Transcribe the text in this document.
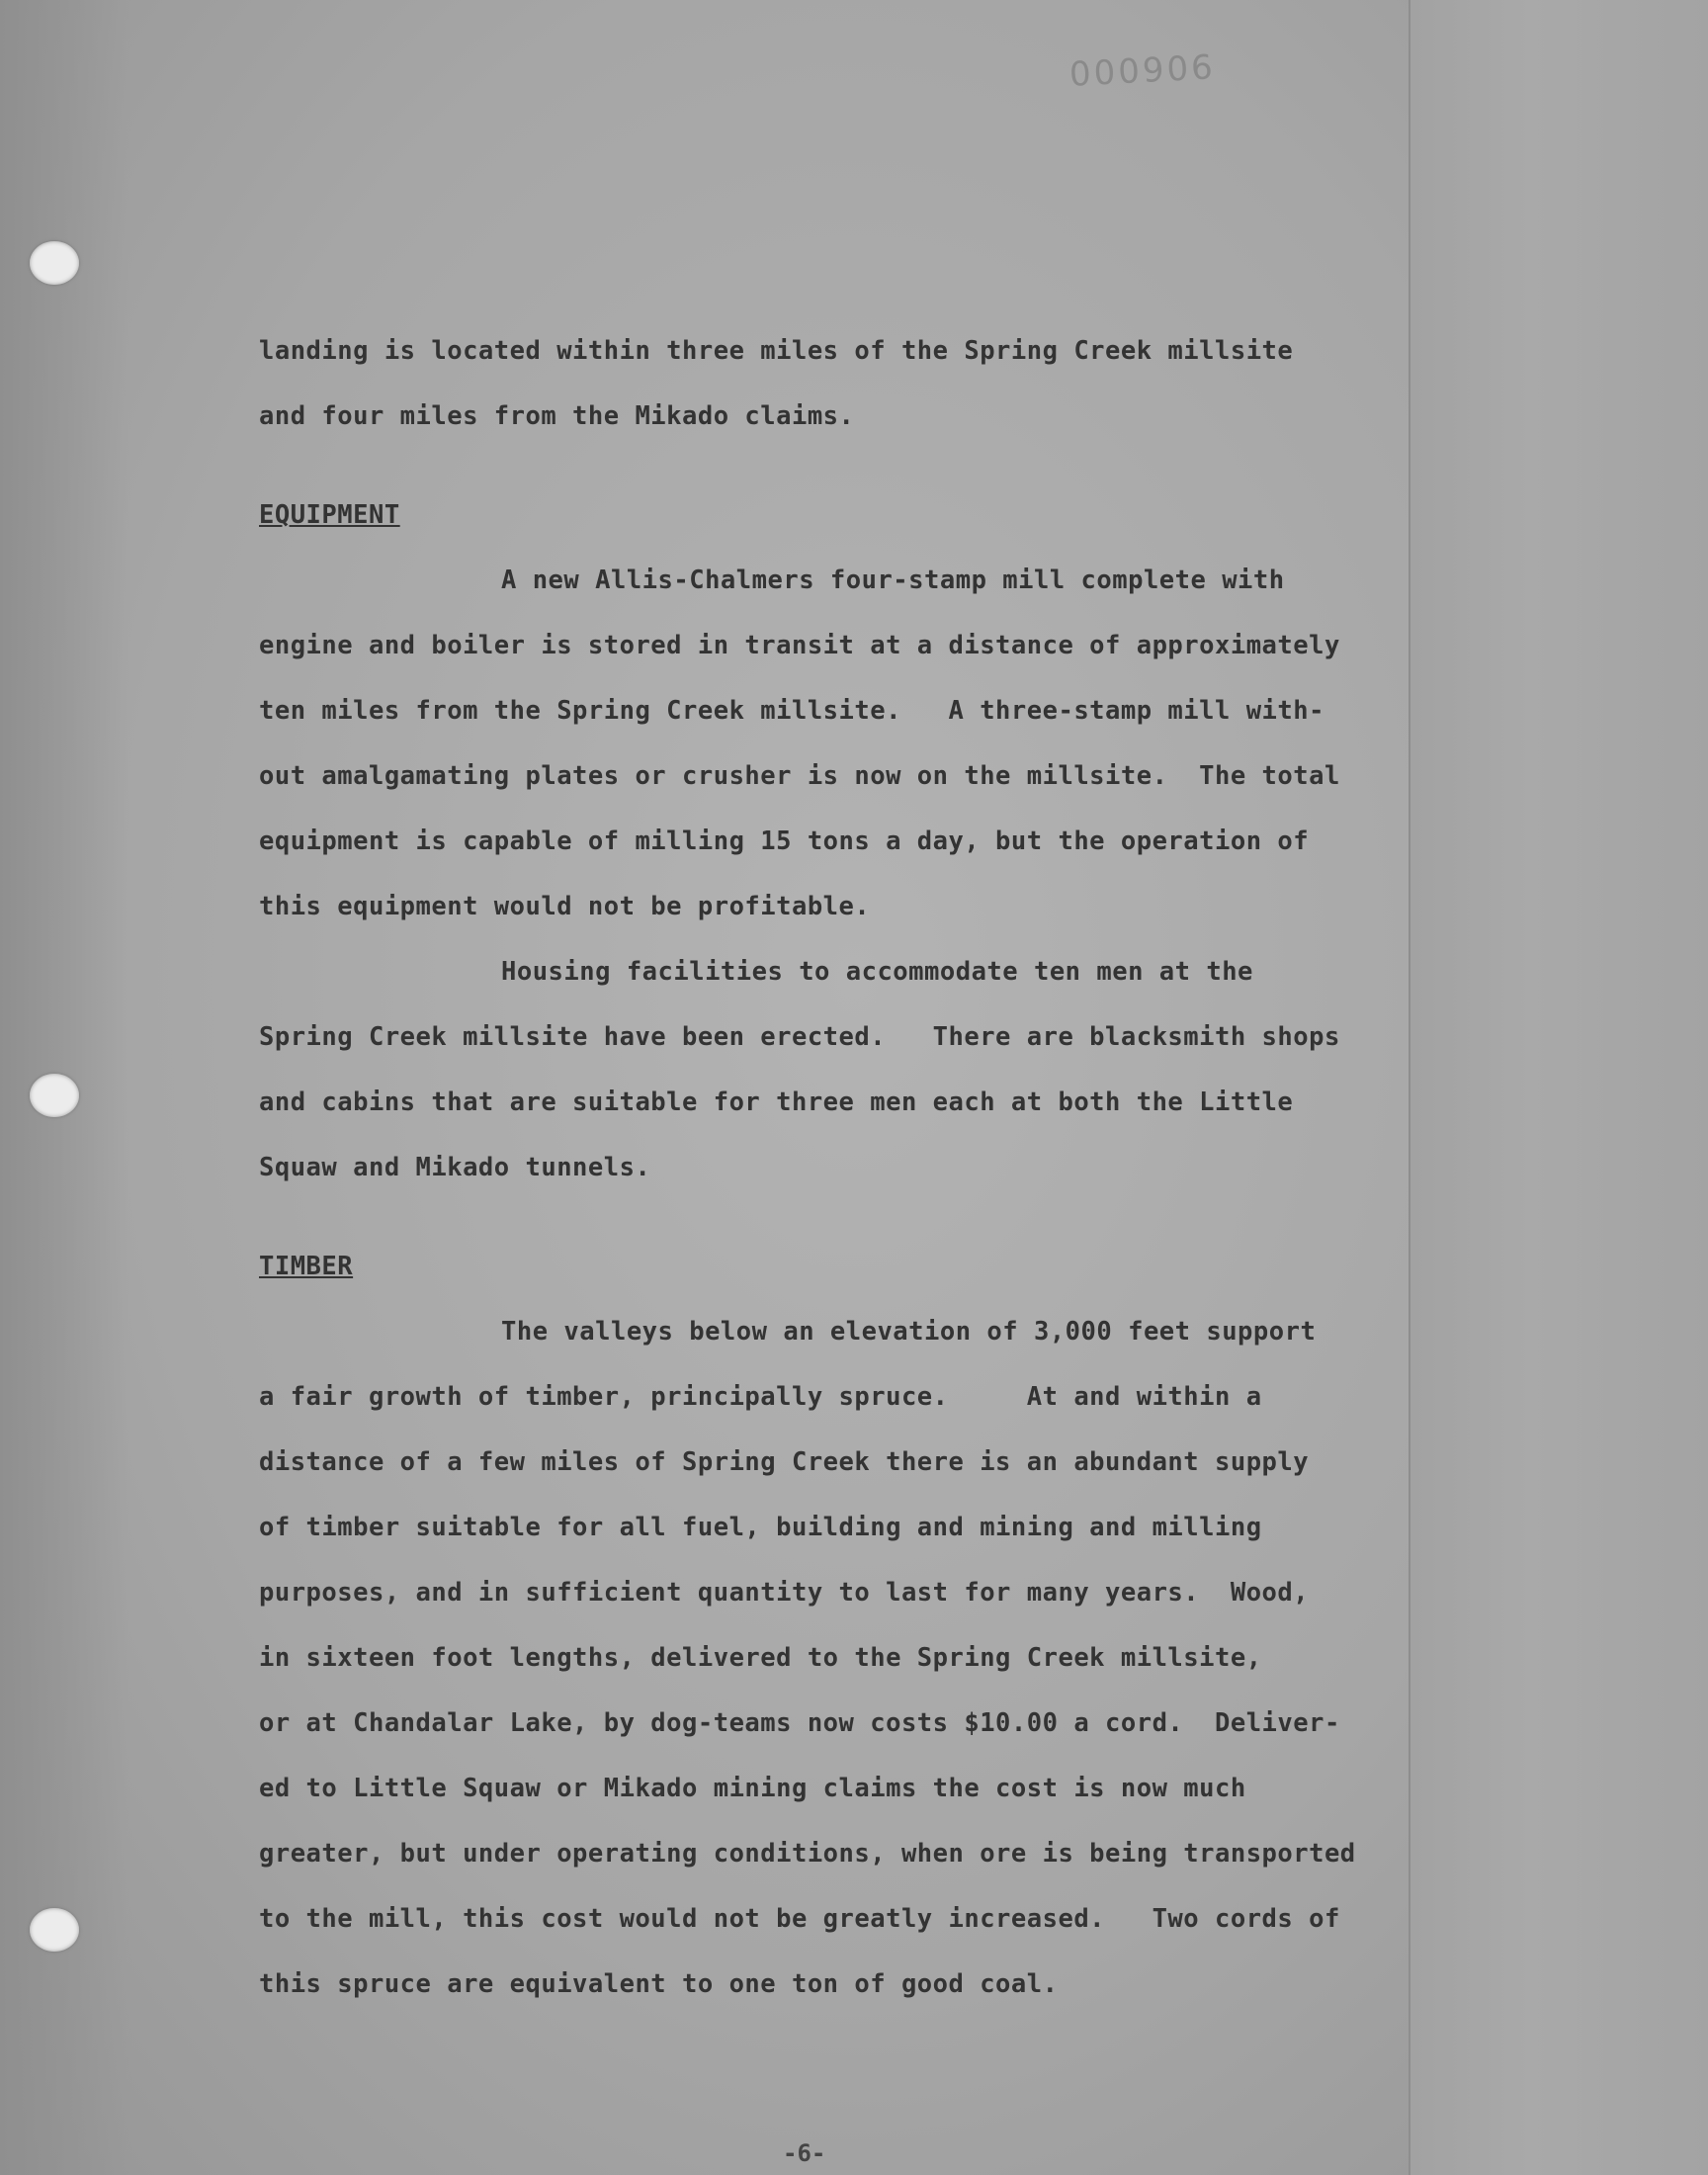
000906
landing is located within three miles of the Spring Creek millsite
and four miles from the Mikado claims.
EQUIPMENT
A new Allis-Chalmers four-stamp mill complete with
engine and boiler is stored in transit at a distance of approximately
ten miles from the Spring Creek millsite.   A three-stamp mill with-
out amalgamating plates or crusher is now on the millsite.  The total
equipment is capable of milling 15 tons a day, but the operation of
this equipment would not be profitable.
Housing facilities to accommodate ten men at the
Spring Creek millsite have been erected.   There are blacksmith shops
and cabins that are suitable for three men each at both the Little
Squaw and Mikado tunnels.
TIMBER
The valleys below an elevation of 3,000 feet support
a fair growth of timber, principally spruce.     At and within a
distance of a few miles of Spring Creek there is an abundant supply
of timber suitable for all fuel, building and mining and milling
purposes, and in sufficient quantity to last for many years.  Wood,
in sixteen foot lengths, delivered to the Spring Creek millsite,
or at Chandalar Lake, by dog-teams now costs $10.00 a cord.  Deliver-
ed to Little Squaw or Mikado mining claims the cost is now much
greater, but under operating conditions, when ore is being transported
to the mill, this cost would not be greatly increased.   Two cords of
this spruce are equivalent to one ton of good coal.
-6-
